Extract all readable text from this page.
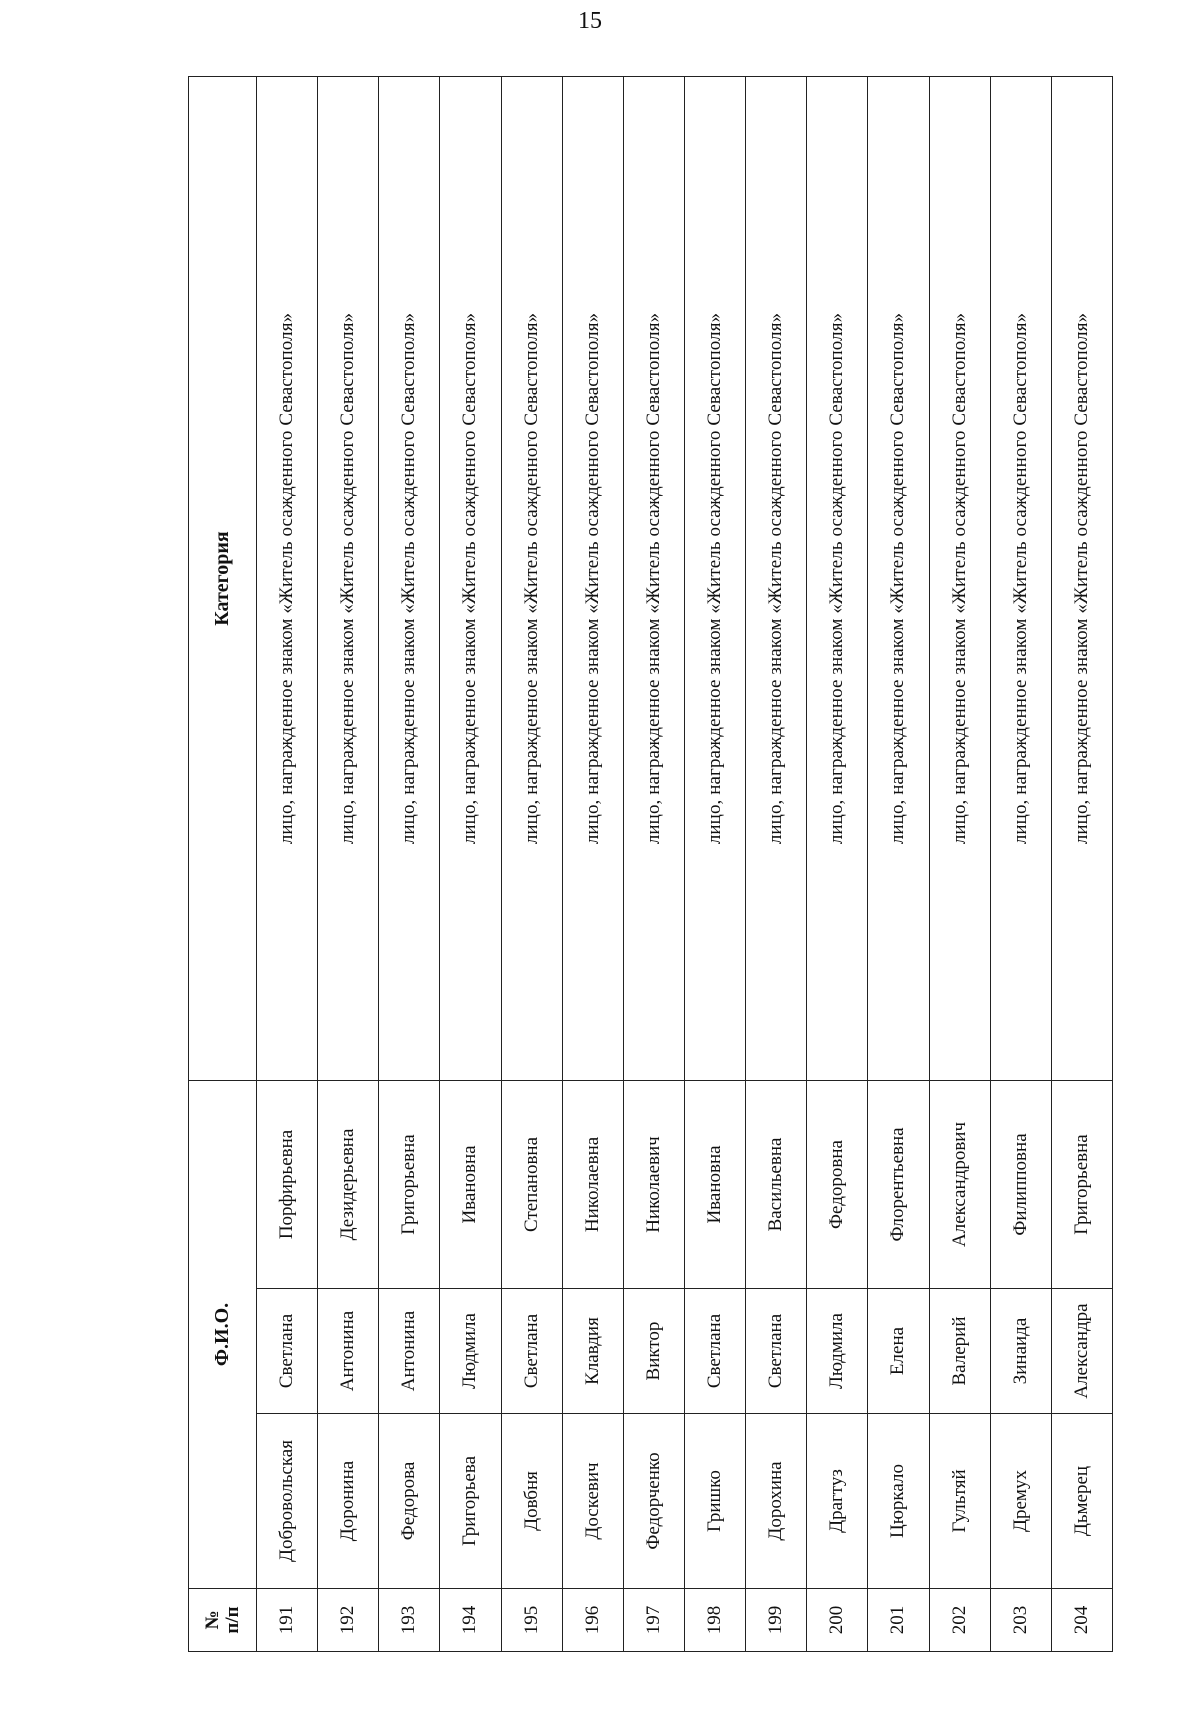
15
№
п/п	Ф.И.О.			Категория
191	Добровольская	Светлана	Порфирьевна	лицо, награжденное знаком «Житель осажденного Севастополя»
192	Доронина	Антонина	Дезидерьевна	лицо, награжденное знаком «Житель осажденного Севастополя»
193	Федорова	Антонина	Григорьевна	лицо, награжденное знаком «Житель осажденного Севастополя»
194	Григорьева	Людмила	Ивановна	лицо, награжденное знаком «Житель осажденного Севастополя»
195	Довбня	Светлана	Степановна	лицо, награжденное знаком «Житель осажденного Севастополя»
196	Доскевич	Клавдия	Николаевна	лицо, награжденное знаком «Житель осажденного Севастополя»
197	Федорченко	Виктор	Николаевич	лицо, награжденное знаком «Житель осажденного Севастополя»
198	Гришко	Светлана	Ивановна	лицо, награжденное знаком «Житель осажденного Севастополя»
199	Дорохина	Светлана	Васильевна	лицо, награжденное знаком «Житель осажденного Севастополя»
200	Драгтуз	Людмила	Федоровна	лицо, награжденное знаком «Житель осажденного Севастополя»
201	Цюркало	Елена	Флорентьевна	лицо, награжденное знаком «Житель осажденного Севастополя»
202	Гультяй	Валерий	Александрович	лицо, награжденное знаком «Житель осажденного Севастополя»
203	Дремух	Зинаида	Филипповна	лицо, награжденное знаком «Житель осажденного Севастополя»
204	Дьмерец	Александра	Григорьевна	лицо, награжденное знаком «Житель осажденного Севастополя»
